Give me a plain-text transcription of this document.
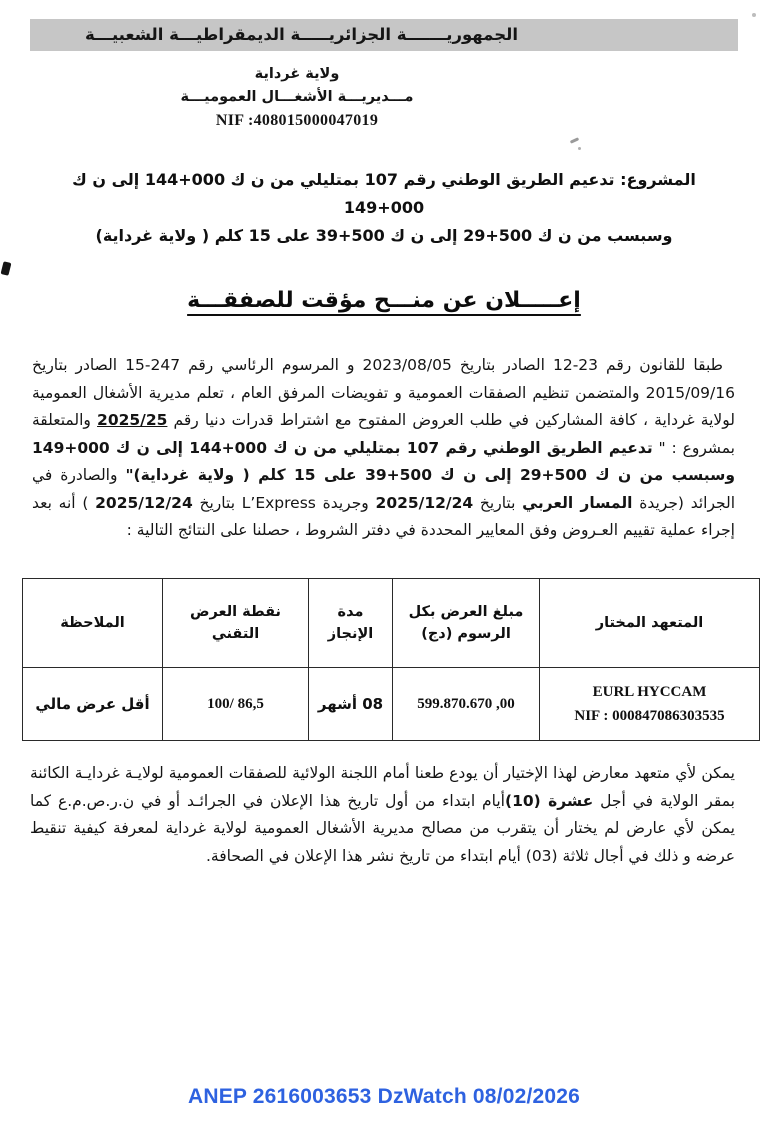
الجمهوريـــــــة الجزائريـــــة الديمقراطيـــة الشعبيـــة
ولاية غرداية
مـــديريـــة الأشغـــال العموميـــة
NIF :408015000047019
المشروع: تدعيم الطريق الوطني رقم 107 بمتليلي من ن ك 000+144 إلى ن ك 000+149
وسبسب من ن ك 500+29 إلى ن ك 500+39 على 15 كلم ( ولاية غرداية)
إعـــــلان عن منـــح مؤقت للصفقـــة
طبقا للقانون رقم 23-12 الصادر بتاريخ 2023/08/05 و المرسوم الرئاسي رقم 247-15 الصادر بتاريخ 2015/09/16 والمتضمن تنظيم الصفقات العمومية و تفويضات المرفق العام ، تعلم مديرية الأشغال العمومية لولاية غرداية ، كافة المشاركين في طلب العروض المفتوح مع اشتراط قدرات دنيا رقم 2025/25 والمتعلقة بمشروع : " تدعيم الطريق الوطني رقم 107 بمتليلي من ن ك 000+144 إلى ن ك 000+149 وسبسب من ن ك 500+29 إلى ن ك 500+39 على 15 كلم ( ولاية غرداية)" والصادرة في الجرائد (جريدة المسار العربي بتاريخ 2025/12/24 وجريدة L’Express بتاريخ 2025/12/24 ) أنه بعد إجراء عملية تقييم العـروض وفق المعايير المحددة في دفتر الشروط ، حصلنا على النتائج التالية :
المتعهد المختار	مبلغ العرض بكل الرسوم (دج)	مدة الإنجاز	نقطة العرض التقني	الملاحظة

EURL HYCCAM
NIF : 000847086303535	599.870.670 ,00	08 أشهر	100/ 86,5	أقل عرض مالي
يمكن لأي متعهد معارض لهذا الإختيار أن يودع طعنا أمام اللجنة الولائية للصفقات العمومية لولايـة غردايـة الكائنة بمقر الولاية في أجل عشرة (10)أيام ابتداء من أول تاريخ هذا الإعلان في الجرائـد أو في ن.ر.ص.م.ع كما يمكن لأي عارض لم يختار أن يتقرب من مصالح مديرية الأشغال العمومية لولاية غرداية لمعرفة كيفية تنقيط عرضه و ذلك في أجال ثلاثة (03) أيام ابتداء من تاريخ نشر هذا الإعلان في الصحافة.
ANEP 2616003653 DzWatch 08/02/2026
